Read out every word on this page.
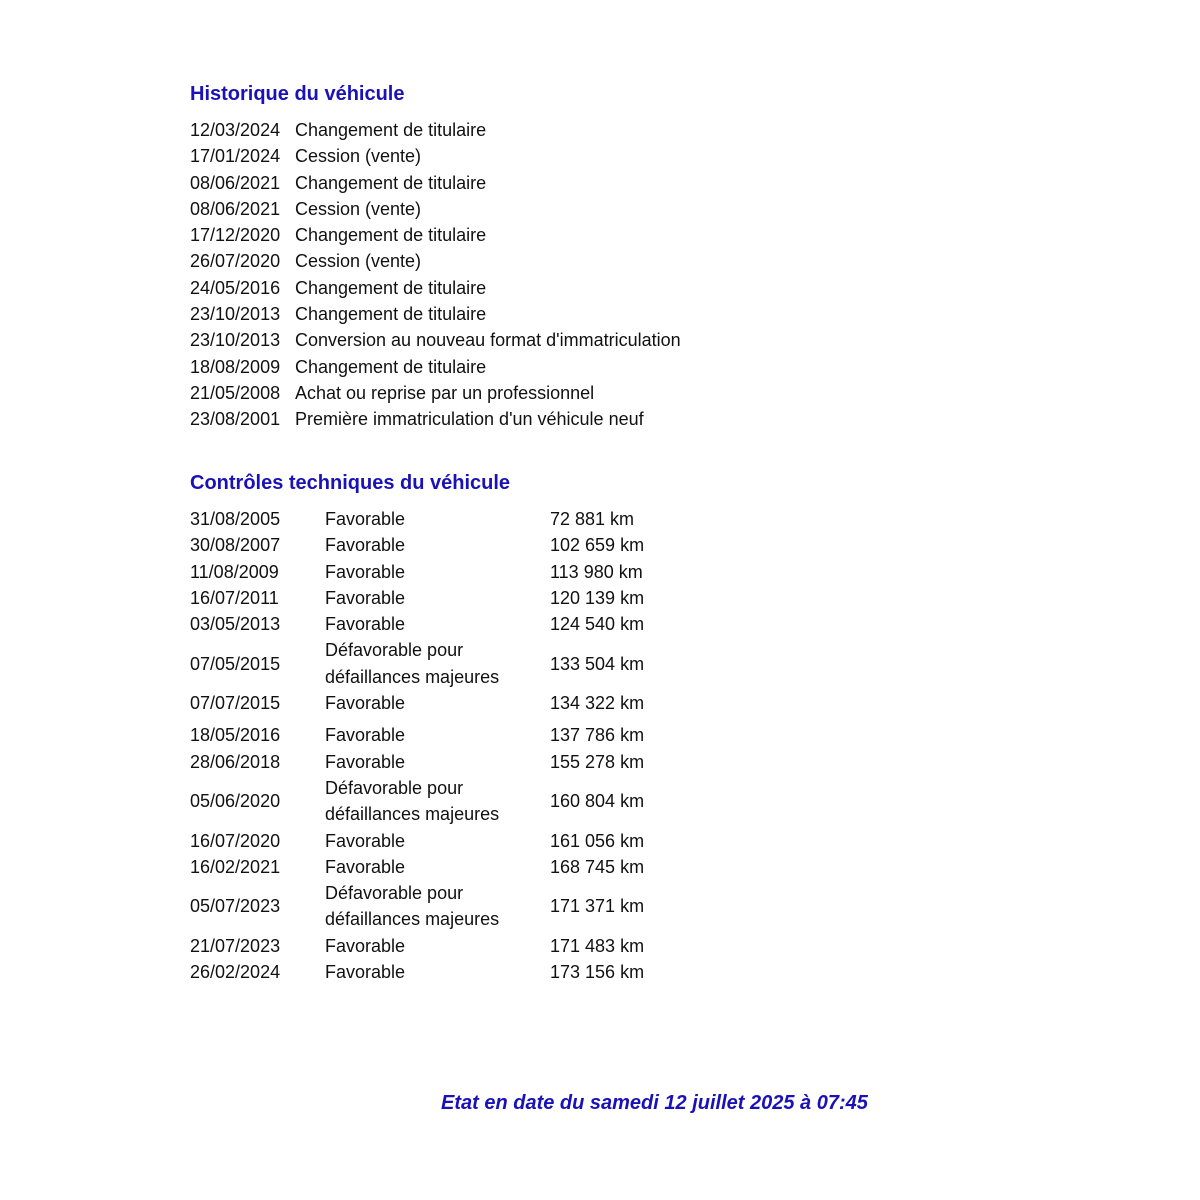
Historique du véhicule
12/03/2024 Changement de titulaire
17/01/2024 Cession (vente)
08/06/2021 Changement de titulaire
08/06/2021 Cession (vente)
17/12/2020 Changement de titulaire
26/07/2020 Cession (vente)
24/05/2016 Changement de titulaire
23/10/2013 Changement de titulaire
23/10/2013 Conversion au nouveau format d'immatriculation
18/08/2009 Changement de titulaire
21/05/2008 Achat ou reprise par un professionnel
23/08/2001 Première immatriculation d'un véhicule neuf
Contrôles techniques du véhicule
31/08/2005	Favorable	72 881 km
30/08/2007	Favorable	102 659 km
11/08/2009	Favorable	113 980 km
16/07/2011	Favorable	120 139 km
03/05/2013	Favorable	124 540 km
07/05/2015	Défavorable pour défaillances majeures	133 504 km
07/07/2015	Favorable	134 322 km
18/05/2016	Favorable	137 786 km
28/06/2018	Favorable	155 278 km
05/06/2020	Défavorable pour défaillances majeures	160 804 km
16/07/2020	Favorable	161 056 km
16/02/2021	Favorable	168 745 km
05/07/2023	Défavorable pour défaillances majeures	171 371 km
21/07/2023	Favorable	171 483 km
26/02/2024	Favorable	173 156 km
Etat en date du samedi 12 juillet 2025 à 07:45
